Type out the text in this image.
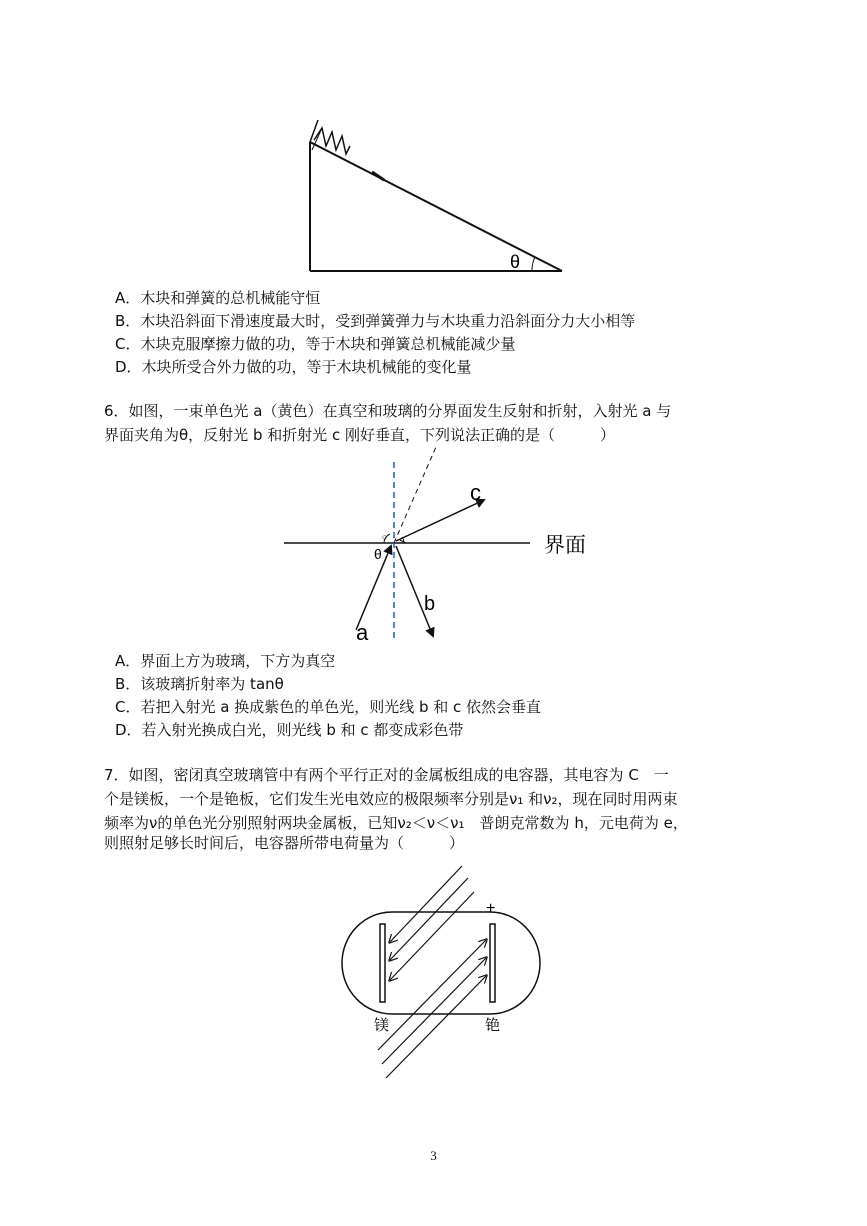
θ
A．木块和弹簧的总机械能守恒
B．木块沿斜面下滑速度最大时，受到弹簧弹力与木块重力沿斜面分力大小相等
C．木块克服摩擦力做的功，等于木块和弹簧总机械能减少量
D．木块所受合外力做的功，等于木块机械能的变化量
6．如图，一束单色光 a（黄色）在真空和玻璃的分界面发生反射和折射，入射光 a 与
界面夹角为θ，反射光 b 和折射光 c 刚好垂直，下列说法正确的是（　　　）
c
b
a
θ
○	界面
A．界面上方为玻璃，下方为真空
B．该玻璃折射率为 tanθ
C．若把入射光 a 换成紫色的单色光，则光线 b 和 c 依然会垂直
D．若入射光换成白光，则光线 b 和 c 都变成彩色带
7．如图，密闭真空玻璃管中有两个平行正对的金属板组成的电容器，其电容为 C　一
个是镁板，一个是铯板，它们发生光电效应的极限频率分别是ν₁ 和ν₂，现在同时用两束
频率为ν的单色光分别照射两块金属板，已知ν₂＜ν＜ν₁　普朗克常数为 h，元电荷为 e，
则照射足够长时间后，电容器所带电荷量为（　　　）
+
镁	铯
3
